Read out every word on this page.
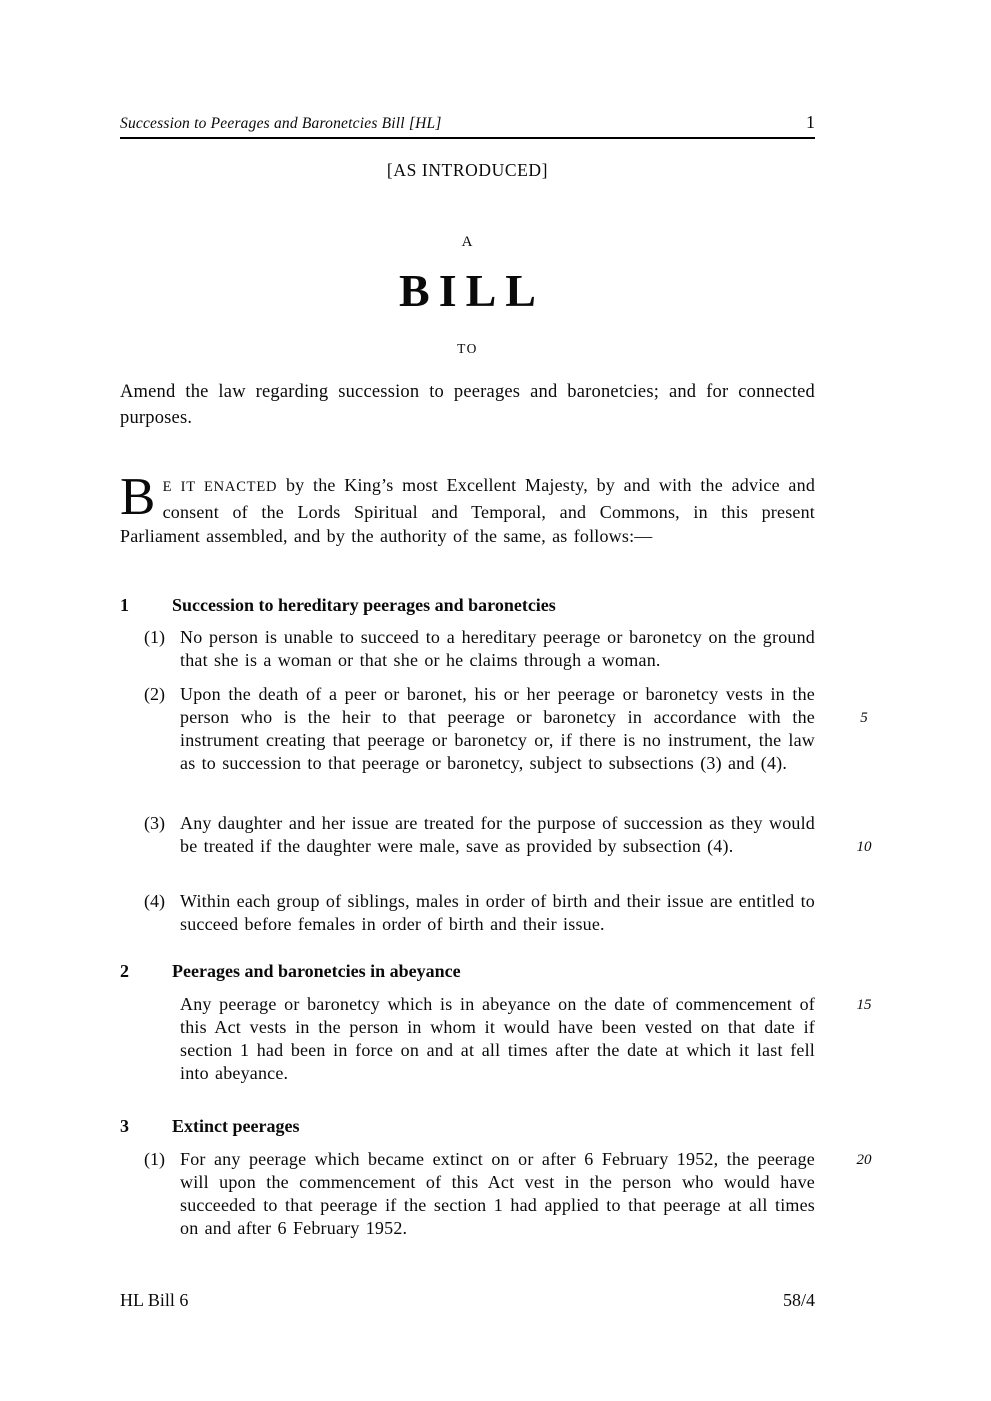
Succession to Peerages and Baronetcies Bill [HL]	1
[AS INTRODUCED]
A
BILL
TO

Amend the law regarding succession to peerages and baronetcies; and for connected purposes.

B E IT ENACTED by the King’s most Excellent Majesty, by and with the advice and consent of the Lords Spiritual and Temporal, and Commons, in this present Parliament assembled, and by the authority of the same, as follows:—

1 Succession to hereditary peerages and baronetcies
(1) No person is unable to succeed to a hereditary peerage or baronetcy on the ground that she is a woman or that she or he claims through a woman.

(2) Upon the death of a peer or baronet, his or her peerage or baronetcy vests in the person who is the heir to that peerage or baronetcy in accordance with the instrument creating that peerage or baronetcy or, if there is no instrument, the law as to succession to that peerage or baronetcy, subject to subsections (3) and (4).

(3) Any daughter and her issue are treated for the purpose of succession as they would be treated if the daughter were male, save as provided by subsection (4).

(4) Within each group of siblings, males in order of birth and their issue are entitled to succeed before females in order of birth and their issue.

2 Peerages and baronetcies in abeyance

Any peerage or baronetcy which is in abeyance on the date of commencement of this Act vests in the person in whom it would have been vested on that date if section 1 had been in force on and at all times after the date at which it last fell into abeyance.

3 Extinct peerages
(1) For any peerage which became extinct on or after 6 February 1952, the peerage will upon the commencement of this Act vest in the person who would have succeeded to that peerage if the section 1 had applied to that peerage at all times on and after 6 February 1952.

5
10
15
20
HL Bill 6	58/4
